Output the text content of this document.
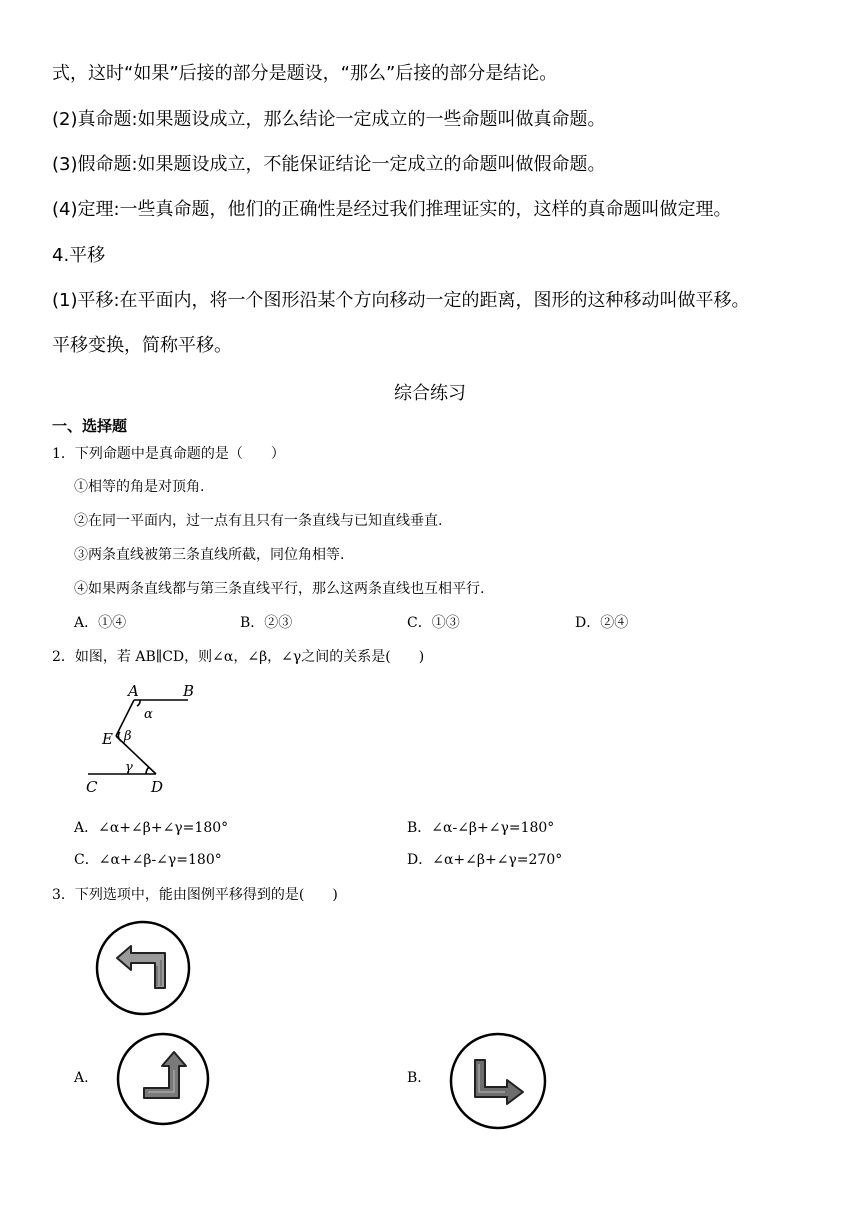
式，这时“如果”后接的部分是题设，“那么”后接的部分是结论。
(2)真命题:如果题设成立，那么结论一定成立的一些命题叫做真命题。
(3)假命题:如果题设成立，不能保证结论一定成立的命题叫做假命题。
(4)定理:一些真命题，他们的正确性是经过我们推理证实的，这样的真命题叫做定理。
4.平移
(1)平移:在平面内，将一个图形沿某个方向移动一定的距离，图形的这种移动叫做平移。
平移变换，简称平移。
综合练习
一、选择题
1．下列命题中是真命题的是（　　）
①相等的角是对顶角.
②在同一平面内，过一点有且只有一条直线与已知直线垂直.
③两条直线被第三条直线所截，同位角相等.
④如果两条直线都与第三条直线平行，那么这两条直线也互相平行.
A．①④	B．②③	C．①③	D．②④
2．如图，若 AB∥CD，则∠α，∠β，∠γ之间的关系是(　　)
A	B
E
C	D
α
β
γ
A．∠α+∠β+∠γ=180°	B．∠α-∠β+∠γ=180°
C．∠α+∠β-∠γ=180°	D．∠α+∠β+∠γ=270°
3．下列选项中，能由图例平移得到的是(　　)
A.	B.
